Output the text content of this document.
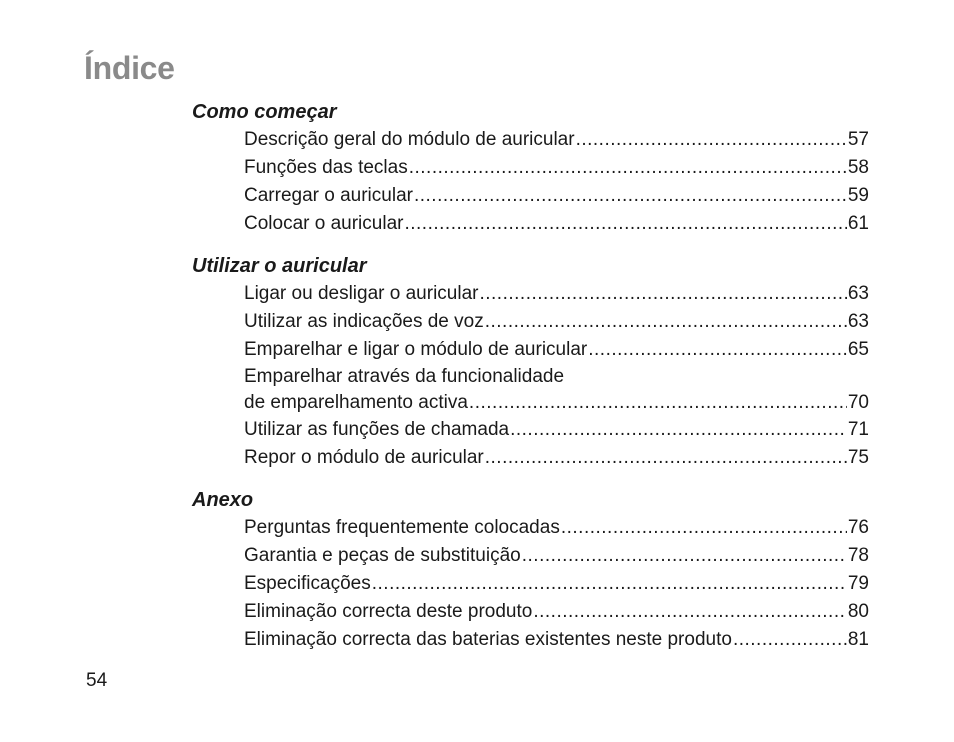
Índice
Como começar
Descrição geral do módulo de auricular .....	57
Funções das teclas .....	58
Carregar o auricular .....	59
Colocar o auricular .....	61
Utilizar o auricular
Ligar ou desligar o auricular .....	63
Utilizar as indicações de voz .....	63
Emparelhar e ligar o módulo de auricular .....	65
Emparelhar através da funcionalidade
de emparelhamento activa .....	70
Utilizar as funções de chamada .....	71
Repor o módulo de auricular .....	75
Anexo
Perguntas frequentemente colocadas .....	76
Garantia e peças de substituição .....	78
Especificações .....	79
Eliminação correcta deste produto .....	80
Eliminação correcta das baterias existentes neste produto .....	81

54
